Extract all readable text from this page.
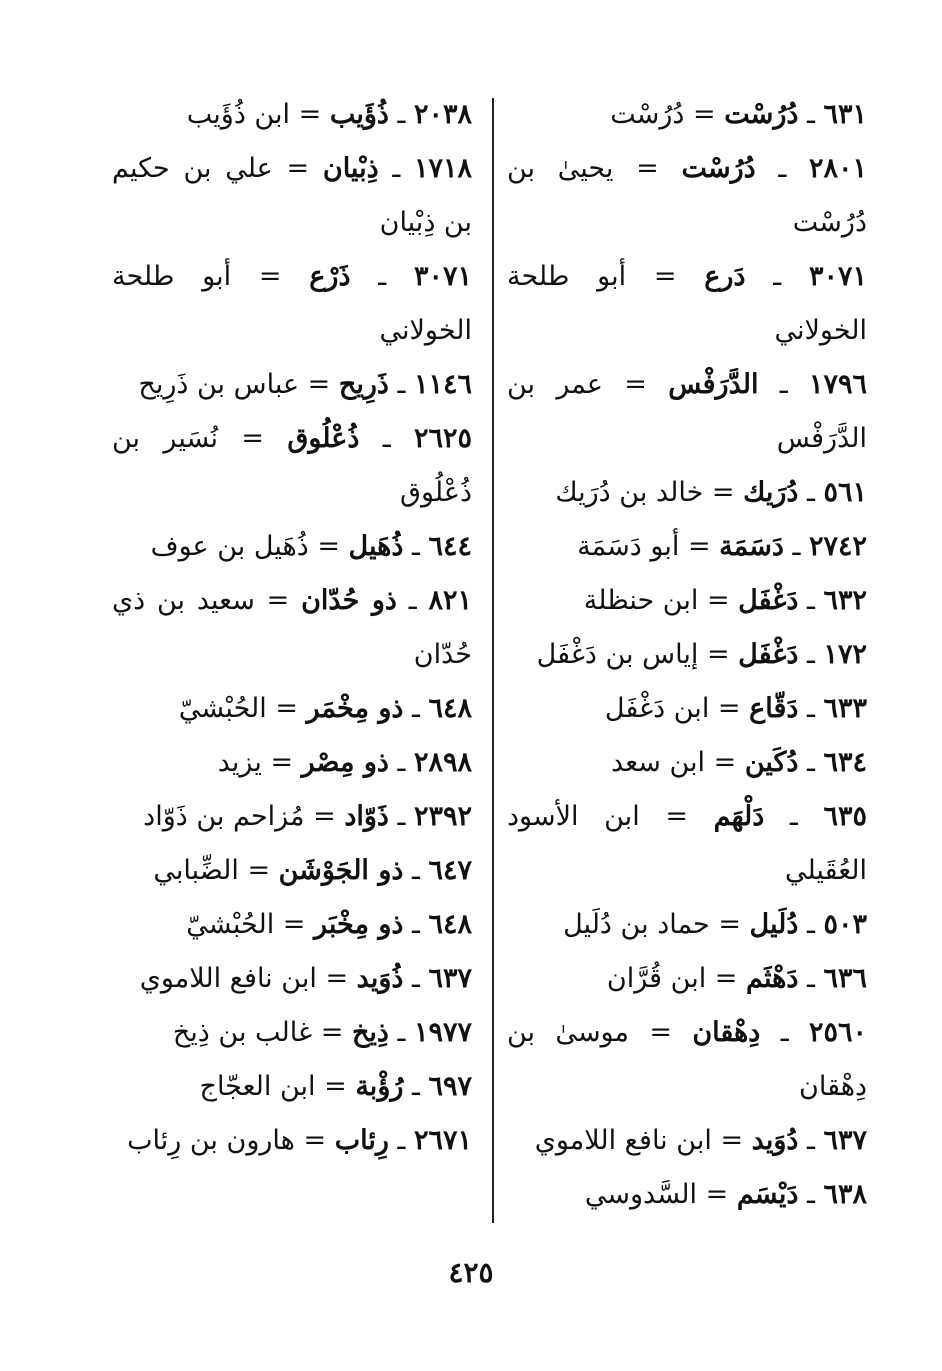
٦٣١ ـ دُرُسْت = دُرُسْت

٢٨٠١ ـ دُرُسْت = يحيىٰ بن دُرُسْت

٣٠٧١ ـ دَرع = أبو طلحة الخولاني

١٧٩٦ ـ الدَّرَفْس = عمر بن الدَّرَفْس

٥٦١ ـ دُرَيك = خالد بن دُرَيك

٢٧٤٢ ـ دَسَمَة = أبو دَسَمَة

٦٣٢ ـ دَغْفَل = ابن حنظلة

١٧٢ ـ دَغْفَل = إياس بن دَغْفَل

٦٣٣ ـ دَقّاع = ابن دَغْفَل

٦٣٤ ـ دُكَين = ابن سعد

٦٣٥ ـ دَلْهَم = ابن الأسود العُقَيلي

٥٠٣ ـ دُلَيل = حماد بن دُلَيل

٦٣٦ ـ دَهْثَم = ابن قُرَّان

٢٥٦٠ ـ دِهْقان = موسىٰ بن دِهْقان

٦٣٧ ـ دُوَيد = ابن نافع اللاموي

٦٣٨ ـ دَيْسَم = السَّدوسي

٢٠٣٨ ـ ذُؤَيب = ابن ذُؤَيب

١٧١٨ ـ ذِبْيان = علي بن حكيم بن ذِبْيان

٣٠٧١ ـ ذَرْع = أبو طلحة الخولاني

١١٤٦ ـ ذَرِيح = عباس بن ذَرِيح

٢٦٢٥ ـ ذُعْلُوق = نُسَير بن ذُعْلُوق

٦٤٤ ـ ذُهَيل = ذُهَيل بن عوف

٨٢١ ـ ذو حُدّان = سعيد بن ذي حُدّان

٦٤٨ ـ ذو مِخْمَر = الحُبْشيّ

٢٨٩٨ ـ ذو مِصْر = يزيد

٢٣٩٢ ـ ذَوّاد = مُزاحم بن ذَوّاد

٦٤٧ ـ ذو الجَوْشَن = الضِّبابي

٦٤٨ ـ ذو مِخْبَر = الحُبْشيّ

٦٣٧ ـ ذُوَيد = ابن نافع اللاموي

١٩٧٧ ـ ذِيخ = غالب بن ذِيخ

٦٩٧ ـ رُؤْبة = ابن العجّاج

٢٦٧١ ـ رِئاب = هارون بن رِئاب

٤٢٥
